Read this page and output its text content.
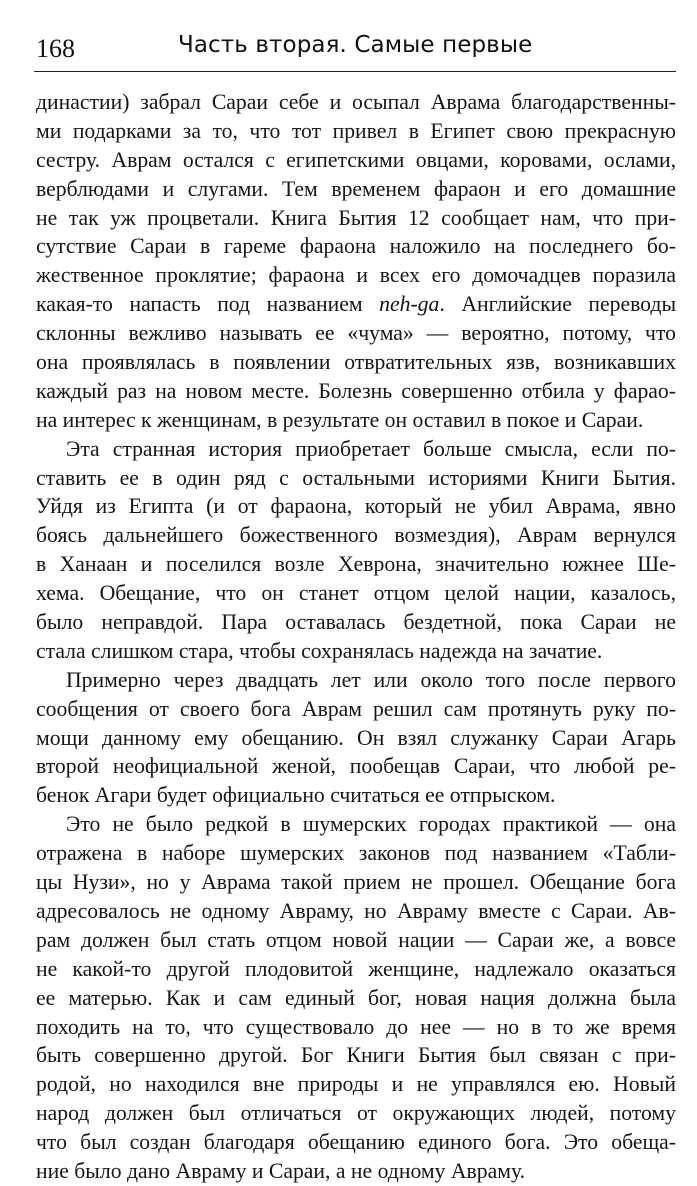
168	Часть вторая. Самые первые

династии) забрал Сараи себе и осыпал Аврама благодарственны-
ми подарками за то, что тот привел в Египет свою прекрасную
сестру. Аврам остался с египетскими овцами, коровами, ослами,
верблюдами и слугами. Тем временем фараон и его домашние
не так уж процветали. Книга Бытия 12 сообщает нам, что при-
сутствие Сараи в гареме фараона наложило на последнего бо-
жественное проклятие; фараона и всех его домочадцев поразила
какая-то напасть под названием neh-ga. Английские переводы
склонны вежливо называть ее «чума» — вероятно, потому, что
она проявлялась в появлении отвратительных язв, возникавших
каждый раз на новом месте. Болезнь совершенно отбила у фарао-
на интерес к женщинам, в результате он оставил в покое и Сараи.

Эта странная история приобретает больше смысла, если по-
ставить ее в один ряд с остальными историями Книги Бытия.
Уйдя из Египта (и от фараона, который не убил Аврама, явно
боясь дальнейшего божественного возмездия), Аврам вернулся
в Ханаан и поселился возле Хеврона, значительно южнее Ше-
хема. Обещание, что он станет отцом целой нации, казалось,
было неправдой. Пара оставалась бездетной, пока Сараи не
стала слишком стара, чтобы сохранялась надежда на зачатие.

Примерно через двадцать лет или около того после первого
сообщения от своего бога Аврам решил сам протянуть руку по-
мощи данному ему обещанию. Он взял служанку Сараи Агарь
второй неофициальной женой, пообещав Сараи, что любой ре-
бенок Агари будет официально считаться ее отпрыском.

Это не было редкой в шумерских городах практикой — она
отражена в наборе шумерских законов под названием «Табли-
цы Нузи», но у Аврама такой прием не прошел. Обещание бога
адресовалось не одному Авраму, но Авраму вместе с Сараи. Ав-
рам должен был стать отцом новой нации — Сараи же, а вовсе
не какой-то другой плодовитой женщине, надлежало оказаться
ее матерью. Как и сам единый бог, новая нация должна была
походить на то, что существовало до нее — но в то же время
быть совершенно другой. Бог Книги Бытия был связан с при-
родой, но находился вне природы и не управлялся ею. Новый
народ должен был отличаться от окружающих людей, потому
что был создан благодаря обещанию единого бога. Это обеща-
ние было дано Авраму и Сараи, а не одному Авраму.
